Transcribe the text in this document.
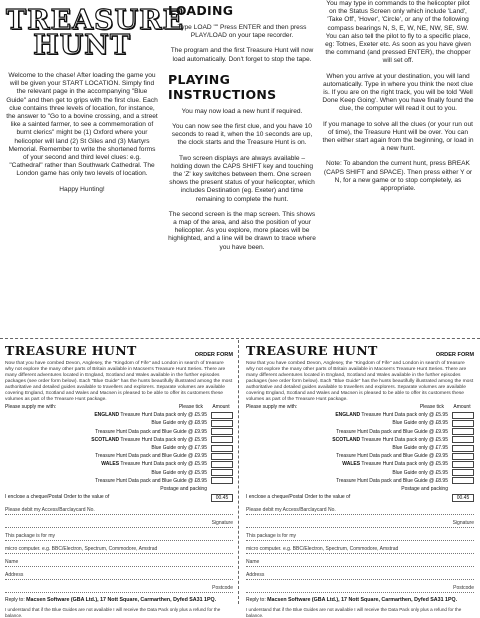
TREASURE
HUNT

Welcome to the chase! After loading the game you will be given your START LOCATION. Simply find the relevant page in the accompanying "Blue Guide" and then get to grips with the first clue. Each clue contains three levels of location, for instance, the answer to "Go to a bovine crossing, and a street like a sainted farmer, to see a commemoration of burnt clerics" might be (1) Oxford where your helicopter will land (2) St Giles and (3) Martyrs Memorial. Remember to write the shortened forms of your second and third level clues: e.g. "Cathedral" rather than Southwark Cathedral. The London game has only two levels of location.

Happy Hunting!

LOADING

Type LOAD "" Press ENTER and then press PLAY/LOAD on your tape recorder.

The program and the first Treasure Hunt will now load automatically. Don't forget to stop the tape.

PLAYING INSTRUCTIONS

You may now load a new hunt if required.

You can now see the first clue, and you have 10 seconds to read it, when the 10 seconds are up, the clock starts and the Treasure Hunt is on.

Two screen displays are always available – holding down the CAPS SHIFT key and touching the 'Z' key switches between them. One screen shows the present status of your helicopter, which includes Destination (eg. Exeter) and time remaining to complete the hunt.

The second screen is the map screen. This shows a map of the area, and also the position of your helicopter. As you explore, more places will be highlighted, and a line will be drawn to trace where you have been.

You may type in commands to the helicopter pilot on the Status Screen only which include 'Land', 'Take Off', 'Hover', 'Circle', or any of the following compass bearings N, S, E, W, NE, NW, SE, SW. You can also tell the pilot to fly to a specific place, eg: Totnes, Exeter etc. As soon as you have given the command (and pressed ENTER), the chopper will set off.

When you arrive at your destination, you will land automatically. Type in where you think the next clue is. If you are on the right track, you will be told 'Well Done Keep Going'. When you have finally found the clue, the computer will read it out to you.

If you manage to solve all the clues (or your run out of time), the Treasure Hunt will be over. You can then either start again from the beginning, or load in a new hunt.

Note: To abandon the current hunt, press BREAK (CAPS SHIFT and SPACE). Then press either Y or N, for a new game or to stop completely, as appropriate.

TREASURE HUNT	ORDER FORM

Now that you have combed Devon, Anglesey, the "Kingdom of Fife" and London in search of treasure why not explore the many other parts of Britain available in Macsen's Treasure Hunt Series. There are many different adventures located in England, Scotland and Wales available in the further episodes packages (see order form below). Each "Blue Guide" has the hunts beautifully illustrated among the most authoritative and detailed guides available to travellers and explorers. Separate volumes are available covering England, Scotland and Wales and Macsen is pleased to be able to offer its customers these volumes as part of the Treasure Hunt package.

Please supply me with:	Please tick	Amount
ENGLAND Treasure Hunt Data pack only @ £5.95
Blue Guide only @ £8.95
Treasure Hunt Data pack and Blue Guide @ £9.95
SCOTLAND Treasure Hunt Data pack only @ £5.95
Blue Guide only @ £7.95
Treasure Hunt Data pack and Blue Guide @ £9.95
WALES Treasure Hunt Data pack only @ £5.95
Blue Guide only @ £5.95
Treasure Hunt Data pack and Blue Guide @ £8.95
Postage and packing
I enclose a cheque/Postal Order to the value of	00.45
Please debit my Access/Barclaycard No.
Signature
This package is for my
micro computer. e.g. BBC/Electron, Spectrum, Commodore, Amstrad
Name
Address
Postcode
Reply to: Macsen Software (GBA Ltd.), 17 Nott Square, Carmarthen, Dyfed SA31 1PQ.

I understand that if the Blue Guides are not available I will receive the Data Pack only plus a refund for the balance.

TREASURE HUNT	ORDER FORM

Now that you have combed Devon, Anglesey, the "Kingdom of Fife" and London in search of treasure why not explore the many other parts of Britain available in Macsen's Treasure Hunt Series. There are many different adventures located in England, Scotland and Wales available in the further episodes packages (see order form below). Each "Blue Guide" has the hunts beautifully illustrated among the most authoritative and detailed guides available to travellers and explorers. Separate volumes are available covering England, Scotland and Wales and Macsen is pleased to be able to offer its customers these volumes as part of the Treasure Hunt package.

Please supply me with:	Please tick	Amount
ENGLAND Treasure Hunt Data pack only @ £5.95
Blue Guide only @ £8.95
Treasure Hunt Data pack and Blue Guide @ £9.95
SCOTLAND Treasure Hunt Data pack only @ £5.95
Blue Guide only @ £7.95
Treasure Hunt Data pack and Blue Guide @ £9.95
WALES Treasure Hunt Data pack only @ £5.95
Blue Guide only @ £5.95
Treasure Hunt Data pack and Blue Guide @ £8.95
Postage and packing
I enclose a cheque/Postal Order to the value of	00.45
Please debit my Access/Barclaycard No.
Signature
This package is for my
micro computer. e.g. BBC/Electron, Spectrum, Commodore, Amstrad
Name
Address
Postcode
Reply to: Macsen Software (GBA Ltd.), 17 Nott Square, Carmarthen, Dyfed SA31 1PQ.

I understand that if the Blue Guides are not available I will receive the Data Pack only plus a refund for the balance.
